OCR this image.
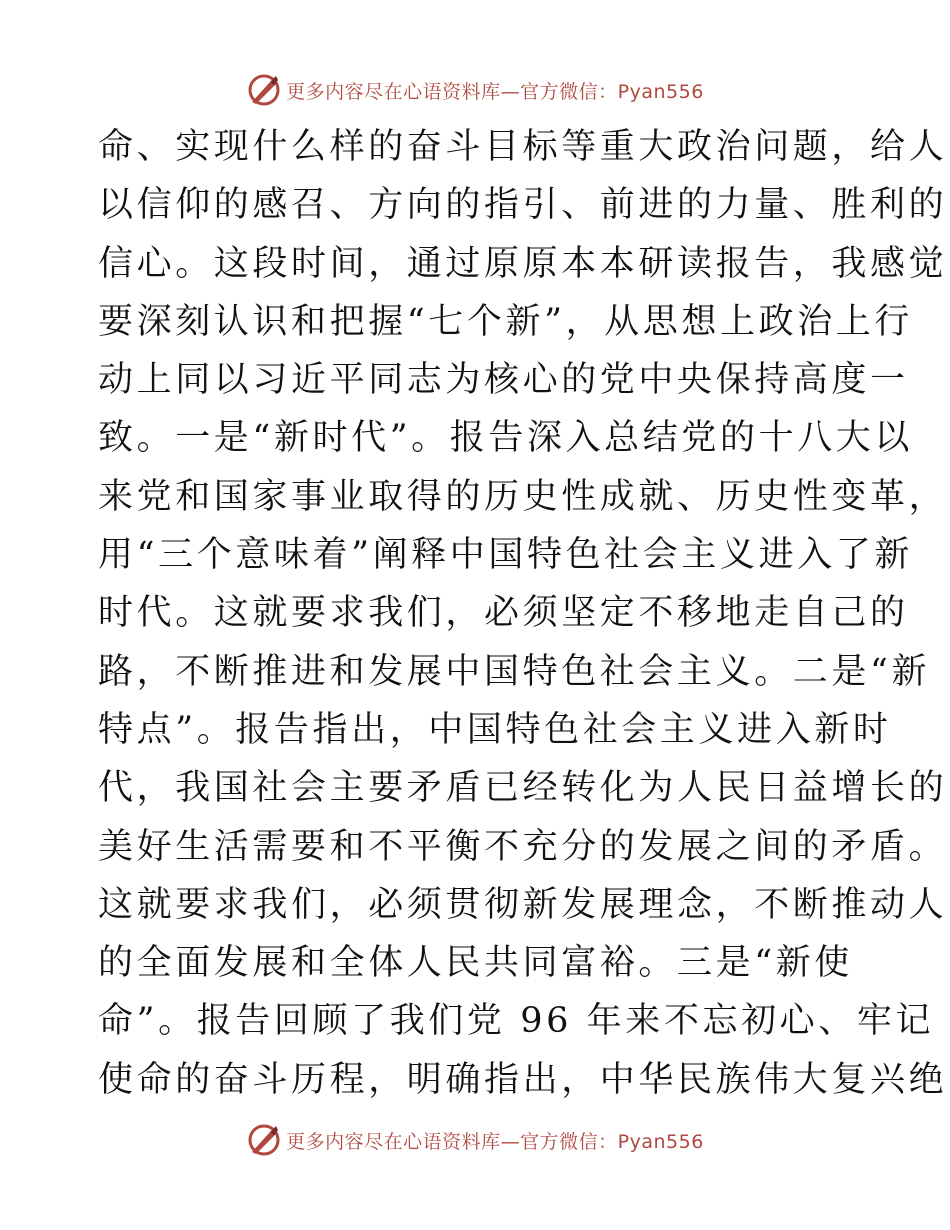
更多内容尽在心语资料库—官方微信：Pyan556
命、实现什么样的奋斗目标等重大政治问题，给人
以信仰的感召、方向的指引、前进的力量、胜利的
信心。这段时间，通过原原本本研读报告，我感觉
要深刻认识和把握“七个新”，从思想上政治上行
动上同以习近平同志为核心的党中央保持高度一
致。一是“新时代”。报告深入总结党的十八大以
来党和国家事业取得的历史性成就、历史性变革，
用“三个意味着”阐释中国特色社会主义进入了新
时代。这就要求我们，必须坚定不移地走自己的
路，不断推进和发展中国特色社会主义。二是“新
特点”。报告指出，中国特色社会主义进入新时
代，我国社会主要矛盾已经转化为人民日益增长的
美好生活需要和不平衡不充分的发展之间的矛盾。
这就要求我们，必须贯彻新发展理念，不断推动人
的全面发展和全体人民共同富裕。三是“新使
命”。报告回顾了我们党 96 年来不忘初心、牢记
使命的奋斗历程，明确指出，中华民族伟大复兴绝
更多内容尽在心语资料库—官方微信：Pyan556
